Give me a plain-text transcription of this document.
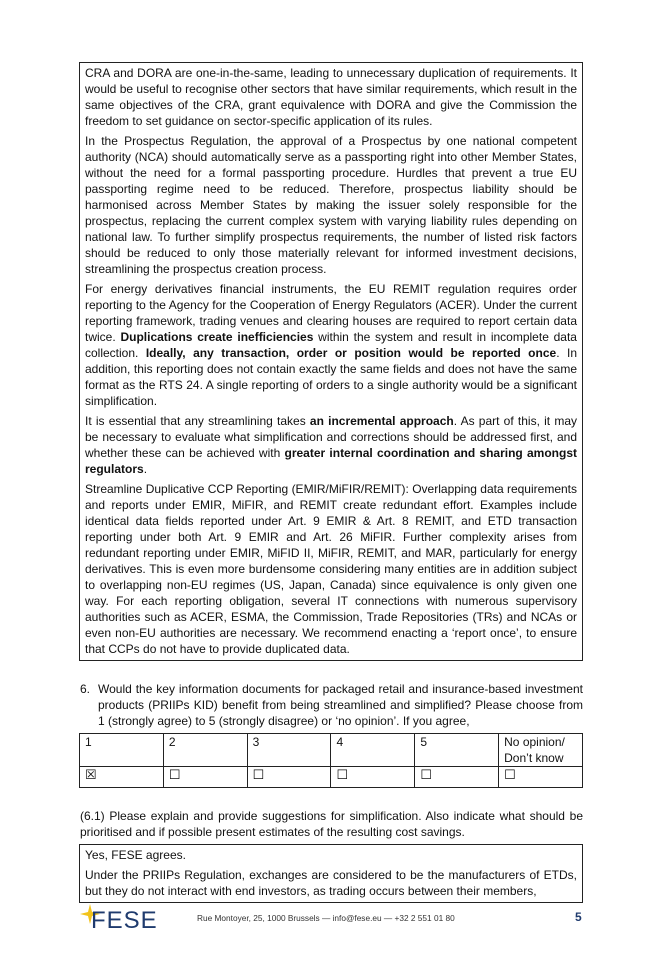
CRA and DORA are one-in-the-same, leading to unnecessary duplication of requirements. It would be useful to recognise other sectors that have similar requirements, which result in the same objectives of the CRA, grant equivalence with DORA and give the Commission the freedom to set guidance on sector-specific application of its rules.

In the Prospectus Regulation, the approval of a Prospectus by one national competent authority (NCA) should automatically serve as a passporting right into other Member States, without the need for a formal passporting procedure. Hurdles that prevent a true EU passporting regime need to be reduced. Therefore, prospectus liability should be harmonised across Member States by making the issuer solely responsible for the prospectus, replacing the current complex system with varying liability rules depending on national law. To further simplify prospectus requirements, the number of listed risk factors should be reduced to only those materially relevant for informed investment decisions, streamlining the prospectus creation process.

For energy derivatives financial instruments, the EU REMIT regulation requires order reporting to the Agency for the Cooperation of Energy Regulators (ACER). Under the current reporting framework, trading venues and clearing houses are required to report certain data twice. Duplications create inefficiencies within the system and result in incomplete data collection. Ideally, any transaction, order or position would be reported once. In addition, this reporting does not contain exactly the same fields and does not have the same format as the RTS 24. A single reporting of orders to a single authority would be a significant simplification.

It is essential that any streamlining takes an incremental approach. As part of this, it may be necessary to evaluate what simplification and corrections should be addressed first, and whether these can be achieved with greater internal coordination and sharing amongst regulators.

Streamline Duplicative CCP Reporting (EMIR/MiFIR/REMIT): Overlapping data requirements and reports under EMIR, MiFIR, and REMIT create redundant effort. Examples include identical data fields reported under Art. 9 EMIR & Art. 8 REMIT, and ETD transaction reporting under both Art. 9 EMIR and Art. 26 MiFIR. Further complexity arises from redundant reporting under EMIR, MiFID II, MiFIR, REMIT, and MAR, particularly for energy derivatives. This is even more burdensome considering many entities are in addition subject to overlapping non-EU regimes (US, Japan, Canada) since equivalence is only given one way. For each reporting obligation, several IT connections with numerous supervisory authorities such as ACER, ESMA, the Commission, Trade Repositories (TRs) and NCAs or even non-EU authorities are necessary. We recommend enacting a ‘report once’, to ensure that CCPs do not have to provide duplicated data.

6. Would the key information documents for packaged retail and insurance-based investment products (PRIIPs KID) benefit from being streamlined and simplified? Please choose from 1 (strongly agree) to 5 (strongly disagree) or ‘no opinion’. If you agree,
1	2	3	4	5	No opinion/ Don’t know
☒	☐	☐	☐	☐	☐
(6.1) Please explain and provide suggestions for simplification. Also indicate what should be prioritised and if possible present estimates of the resulting cost savings.

Yes, FESE agrees.

Under the PRIIPs Regulation, exchanges are considered to be the manufacturers of ETDs, but they do not interact with end investors, as trading occurs between their members,

FESE	Rue Montoyer, 25, 1000 Brussels — info@fese.eu — +32 2 551 01 80	5
